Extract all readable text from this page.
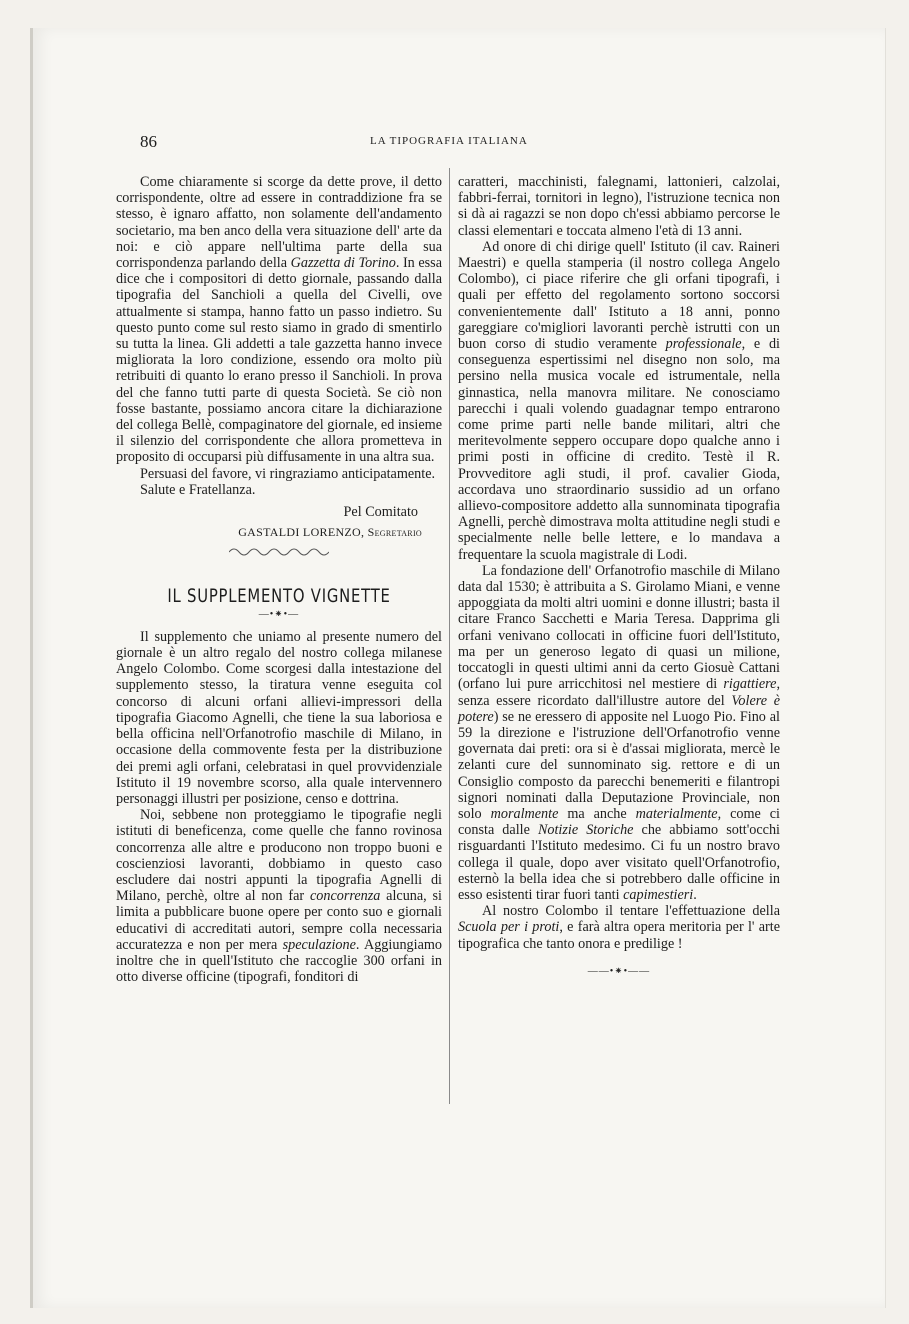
86	LA TIPOGRAFIA ITALIANA

Come chiaramente si scorge da dette prove, il detto corrispondente, oltre ad essere in contraddizione fra se stesso, è ignaro affatto, non solamente dell'andamento societario, ma ben anco della vera situazione dell' arte da noi: e ciò appare nell'ultima parte della sua corrispondenza parlando della Gazzetta di Torino. In essa dice che i compositori di detto giornale, passando dalla tipografia del Sanchioli a quella del Civelli, ove attualmente si stampa, hanno fatto un passo indietro. Su questo punto come sul resto siamo in grado di smentirlo su tutta la linea. Gli addetti a tale gazzetta hanno invece migliorata la loro condizione, essendo ora molto più retribuiti di quanto lo erano presso il Sanchioli. In prova del che fanno tutti parte di questa Società. Se ciò non fosse bastante, possiamo ancora citare la dichiarazione del collega Bellè, compaginatore del giornale, ed insieme il silenzio del corrispondente che allora prometteva in proposito di occuparsi più diffusamente in una altra sua.

Persuasi del favore, vi ringraziamo anticipatamente.

Salute e Fratellanza.

Pel Comitato
GASTALDI LORENZO, Segretario
IL SUPPLEMENTO VIGNETTE
—•⁕•—

Il supplemento che uniamo al presente numero del giornale è un altro regalo del nostro collega milanese Angelo Colombo. Come scorgesi dalla intestazione del supplemento stesso, la tiratura venne eseguita col concorso di alcuni orfani allievi-impressori della tipografia Giacomo Agnelli, che tiene la sua laboriosa e bella officina nell'Orfanotrofio maschile di Milano, in occasione della commovente festa per la distribuzione dei premi agli orfani, celebratasi in quel provvidenziale Istituto il 19 novembre scorso, alla quale intervennero personaggi illustri per posizione, censo e dottrina.

Noi, sebbene non proteggiamo le tipografie negli istituti di beneficenza, come quelle che fanno rovinosa concorrenza alle altre e producono non troppo buoni e coscienziosi lavoranti, dobbiamo in questo caso escludere dai nostri appunti la tipografia Agnelli di Milano, perchè, oltre al non far concorrenza alcuna, si limita a pubblicare buone opere per conto suo e giornali educativi di accreditati autori, sempre colla necessaria accuratezza e non per mera speculazione. Aggiungiamo inoltre che in quell'Istituto che raccoglie 300 orfani in otto diverse officine (tipografi, fonditori di

caratteri, macchinisti, falegnami, lattonieri, calzolai, fabbri-ferrai, tornitori in legno), l'istruzione tecnica non si dà ai ragazzi se non dopo ch'essi abbiamo percorse le classi elementari e toccata almeno l'età di 13 anni.

Ad onore di chi dirige quell' Istituto (il cav. Raineri Maestri) e quella stamperia (il nostro collega Angelo Colombo), ci piace riferire che gli orfani tipografi, i quali per effetto del regolamento sortono soccorsi convenientemente dall' Istituto a 18 anni, ponno gareggiare co'migliori lavoranti perchè istrutti con un buon corso di studio veramente professionale, e di conseguenza espertissimi nel disegno non solo, ma persino nella musica vocale ed istrumentale, nella ginnastica, nella manovra militare. Ne conosciamo parecchi i quali volendo guadagnar tempo entrarono come prime parti nelle bande militari, altri che meritevolmente seppero occupare dopo qualche anno i primi posti in officine di credito. Testè il R. Provveditore agli studi, il prof. cavalier Gioda, accordava uno straordinario sussidio ad un orfano allievo-compositore addetto alla sunnominata tipografia Agnelli, perchè dimostrava molta attitudine negli studi e specialmente nelle belle lettere, e lo mandava a frequentare la scuola magistrale di Lodi.

La fondazione dell' Orfanotrofio maschile di Milano data dal 1530; è attribuita a S. Girolamo Miani, e venne appoggiata da molti altri uomini e donne illustri; basta il citare Franco Sacchetti e Maria Teresa. Dapprima gli orfani venivano collocati in officine fuori dell'Istituto, ma per un generoso legato di quasi un milione, toccatogli in questi ultimi anni da certo Giosuè Cattani (orfano lui pure arricchitosi nel mestiere di rigattiere, senza essere ricordato dall'illustre autore del Volere è potere) se ne eressero di apposite nel Luogo Pio. Fino al 59 la direzione e l'istruzione dell'Orfanotrofio venne governata dai preti: ora si è d'assai migliorata, mercè le zelanti cure del sunnominato sig. rettore e di un Consiglio composto da parecchi benemeriti e filantropi signori nominati dalla Deputazione Provinciale, non solo moralmente ma anche materialmente, come ci consta dalle Notizie Storiche che abbiamo sott'occhi risguardanti l'Istituto medesimo. Ci fu un nostro bravo collega il quale, dopo aver visitato quell'Orfanotrofio, esternò la bella idea che si potrebbero dalle officine in esso esistenti tirar fuori tanti capimestieri.

Al nostro Colombo il tentare l'effettuazione della Scuola per i proti, e farà altra opera meritoria per l' arte tipografica che tanto onora e predilige !

——•⁕•——
